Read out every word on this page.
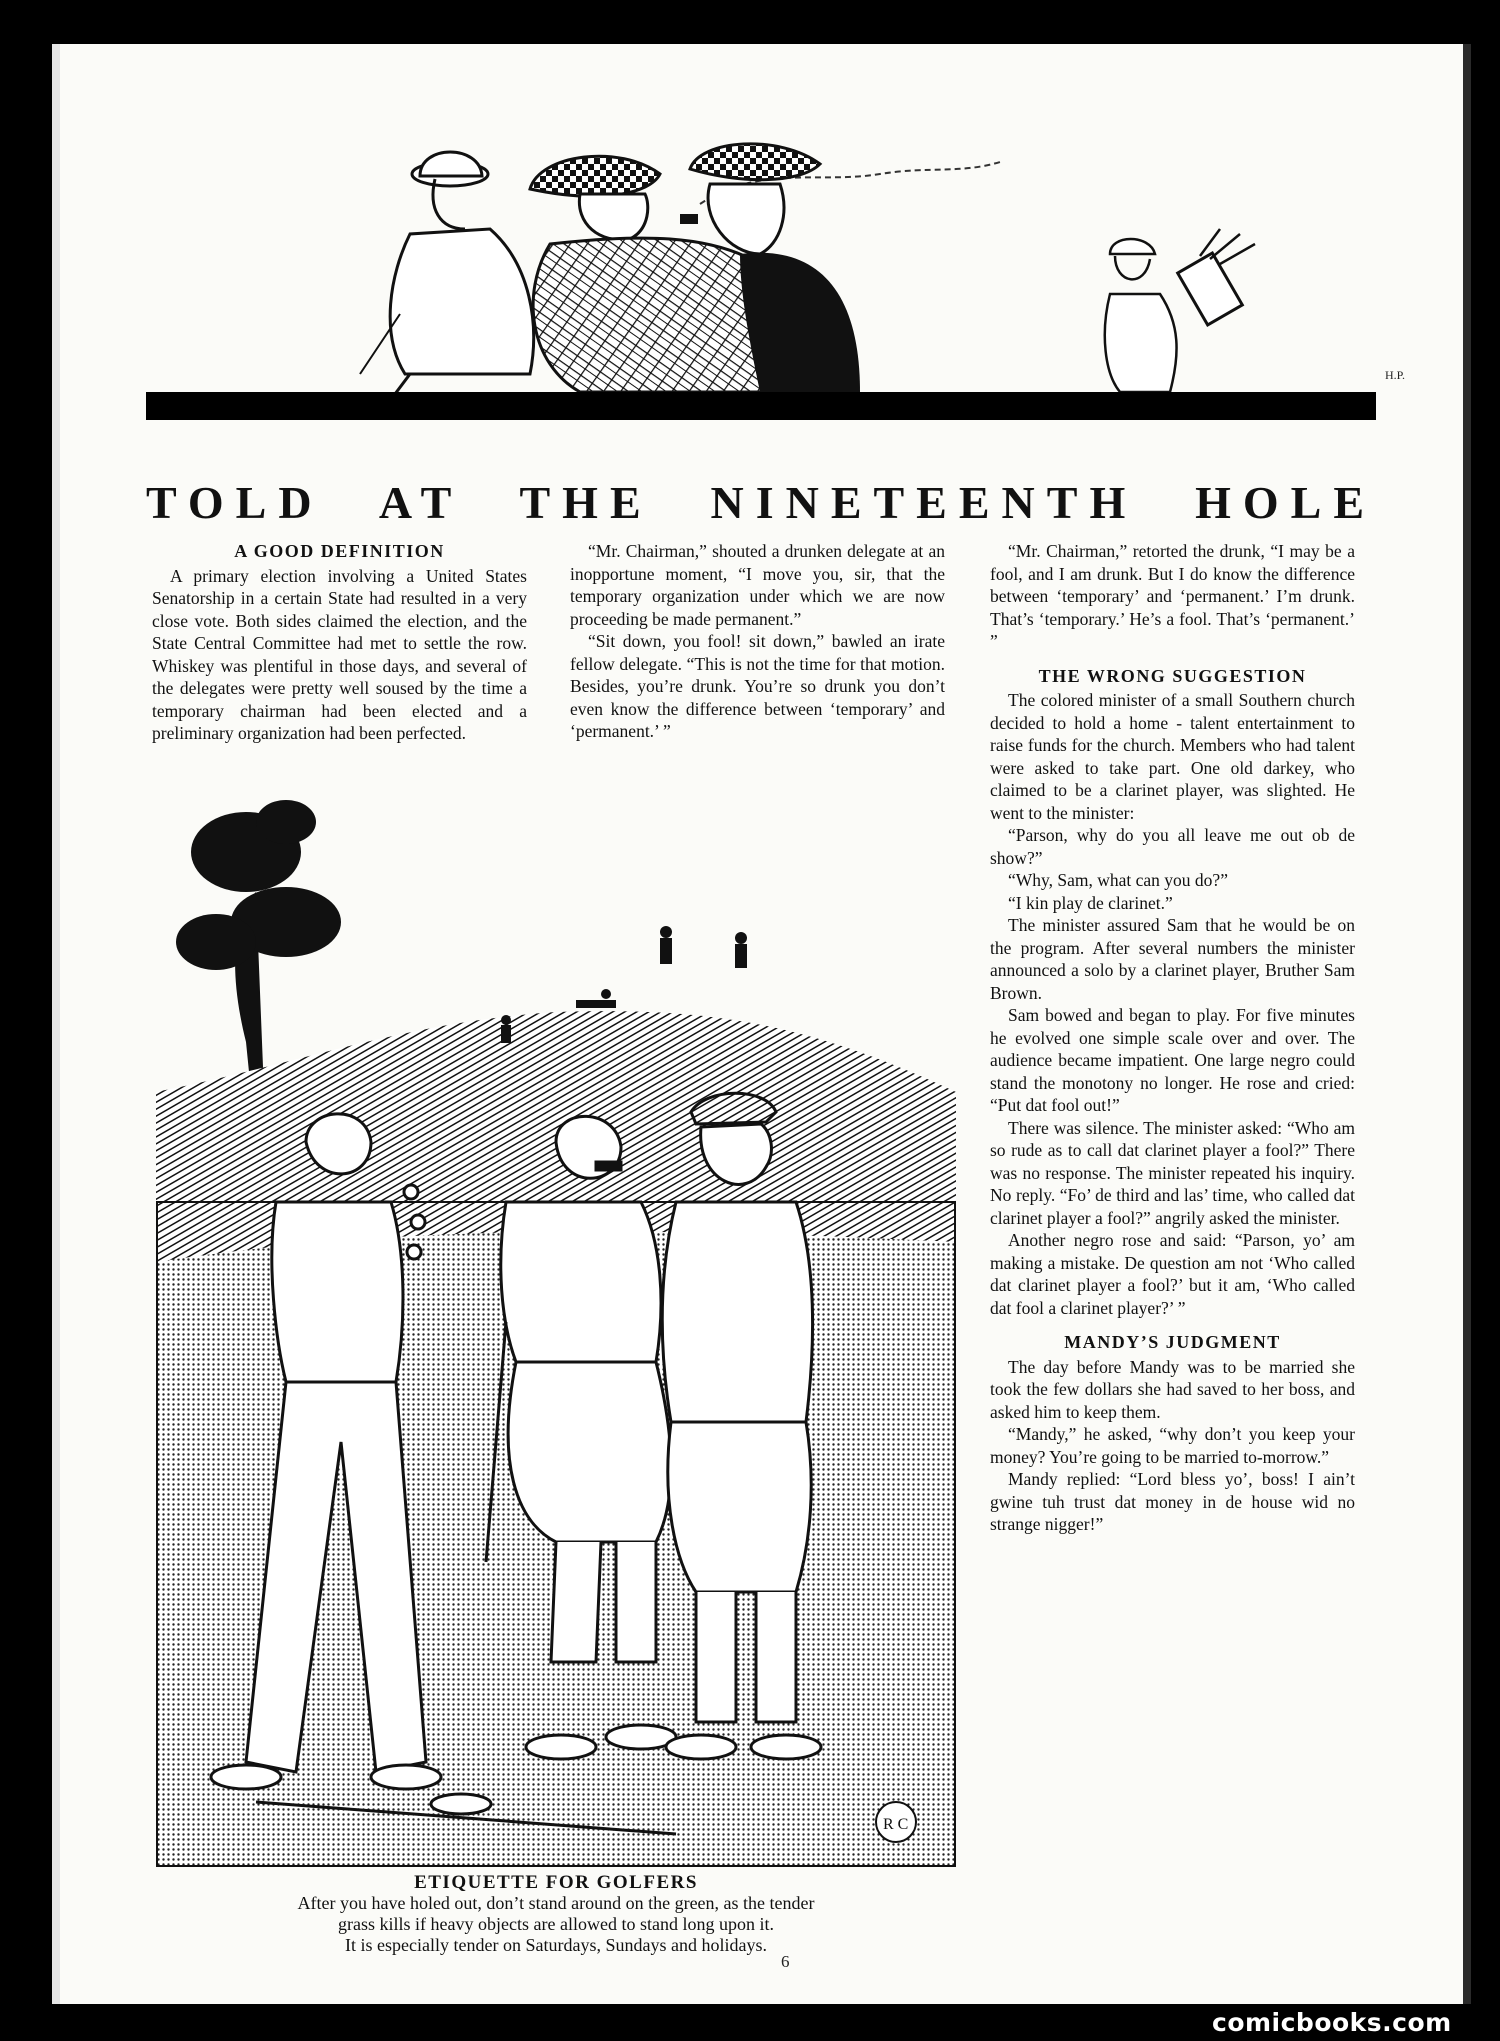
H.P.
TOLD AT THE NINETEENTH HOLE
A GOOD DEFINITION

A primary election involving a United States Senatorship in a certain State had resulted in a very close vote. Both sides claimed the election, and the State Central Committee had met to settle the row. Whiskey was plentiful in those days, and several of the delegates were pretty well soused by the time a temporary chairman had been elected and a preliminary organization had been perfected.

“Mr. Chairman,” shouted a drunken delegate at an inopportune moment, “I move you, sir, that the temporary organization under which we are now proceeding be made permanent.”

“Sit down, you fool! sit down,” bawled an irate fellow delegate. “This is not the time for that motion. Besides, you’re drunk. You’re so drunk you don’t even know the difference between ‘temporary’ and ‘permanent.’ ”

“Mr. Chairman,” retorted the drunk, “I may be a fool, and I am drunk. But I do know the difference between ‘temporary’ and ‘permanent.’ I’m drunk. That’s ‘temporary.’ He’s a fool. That’s ‘permanent.’ ”

THE WRONG SUGGESTION

The colored minister of a small Southern church decided to hold a home - talent entertainment to raise funds for the church. Members who had talent were asked to take part. One old darkey, who claimed to be a clarinet player, was slighted. He went to the minister:

“Parson, why do you all leave me out ob de show?”

“Why, Sam, what can you do?”

“I kin play de clarinet.”

The minister assured Sam that he would be on the program. After several numbers the minister announced a solo by a clarinet player, Bruther Sam Brown.

Sam bowed and began to play. For five minutes he evolved one simple scale over and over. The audience became impatient. One large negro could stand the monotony no longer. He rose and cried: “Put dat fool out!”

There was silence. The minister asked: “Who am so rude as to call dat clarinet player a fool?” There was no response. The minister repeated his inquiry. No reply. “Fo’ de third and las’ time, who called dat clarinet player a fool?” angrily asked the minister.

Another negro rose and said: “Parson, yo’ am making a mistake. De question am not ‘Who called dat clarinet player a fool?’ but it am, ‘Who called dat fool a clarinet player?’ ”

MANDY’S JUDGMENT

The day before Mandy was to be married she took the few dollars she had saved to her boss, and asked him to keep them.

“Mandy,” he asked, “why don’t you keep your money? You’re going to be married to-morrow.”

Mandy replied: “Lord bless yo’, boss! I ain’t gwine tuh trust dat money in de house wid no strange nigger!”

R C
ETIQUETTE FOR GOLFERS

After you have holed out, don’t stand around on the green, as the tender

grass kills if heavy objects are allowed to stand long upon it.

It is especially tender on Saturdays, Sundays and holidays.

6
comicbooks.com
